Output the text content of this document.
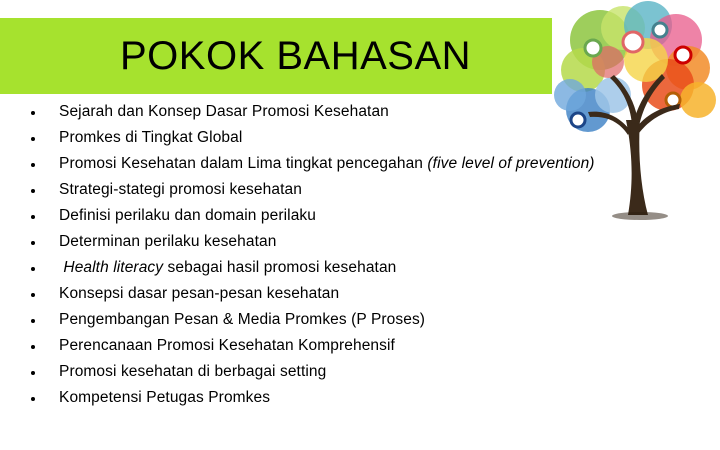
POKOK BAHASAN
Sejarah dan Konsep Dasar Promosi Kesehatan
Promkes di Tingkat Global
Promosi Kesehatan dalam Lima tingkat pencegahan (five level of prevention)
Strategi-stategi promosi kesehatan
Definisi perilaku dan domain perilaku
Determinan perilaku kesehatan
Health literacy sebagai hasil promosi kesehatan
Konsepsi dasar pesan-pesan kesehatan
Pengembangan Pesan & Media Promkes (P Proses)
Perencanaan Promosi Kesehatan Komprehensif
Promosi kesehatan di berbagai setting
Kompetensi Petugas Promkes
